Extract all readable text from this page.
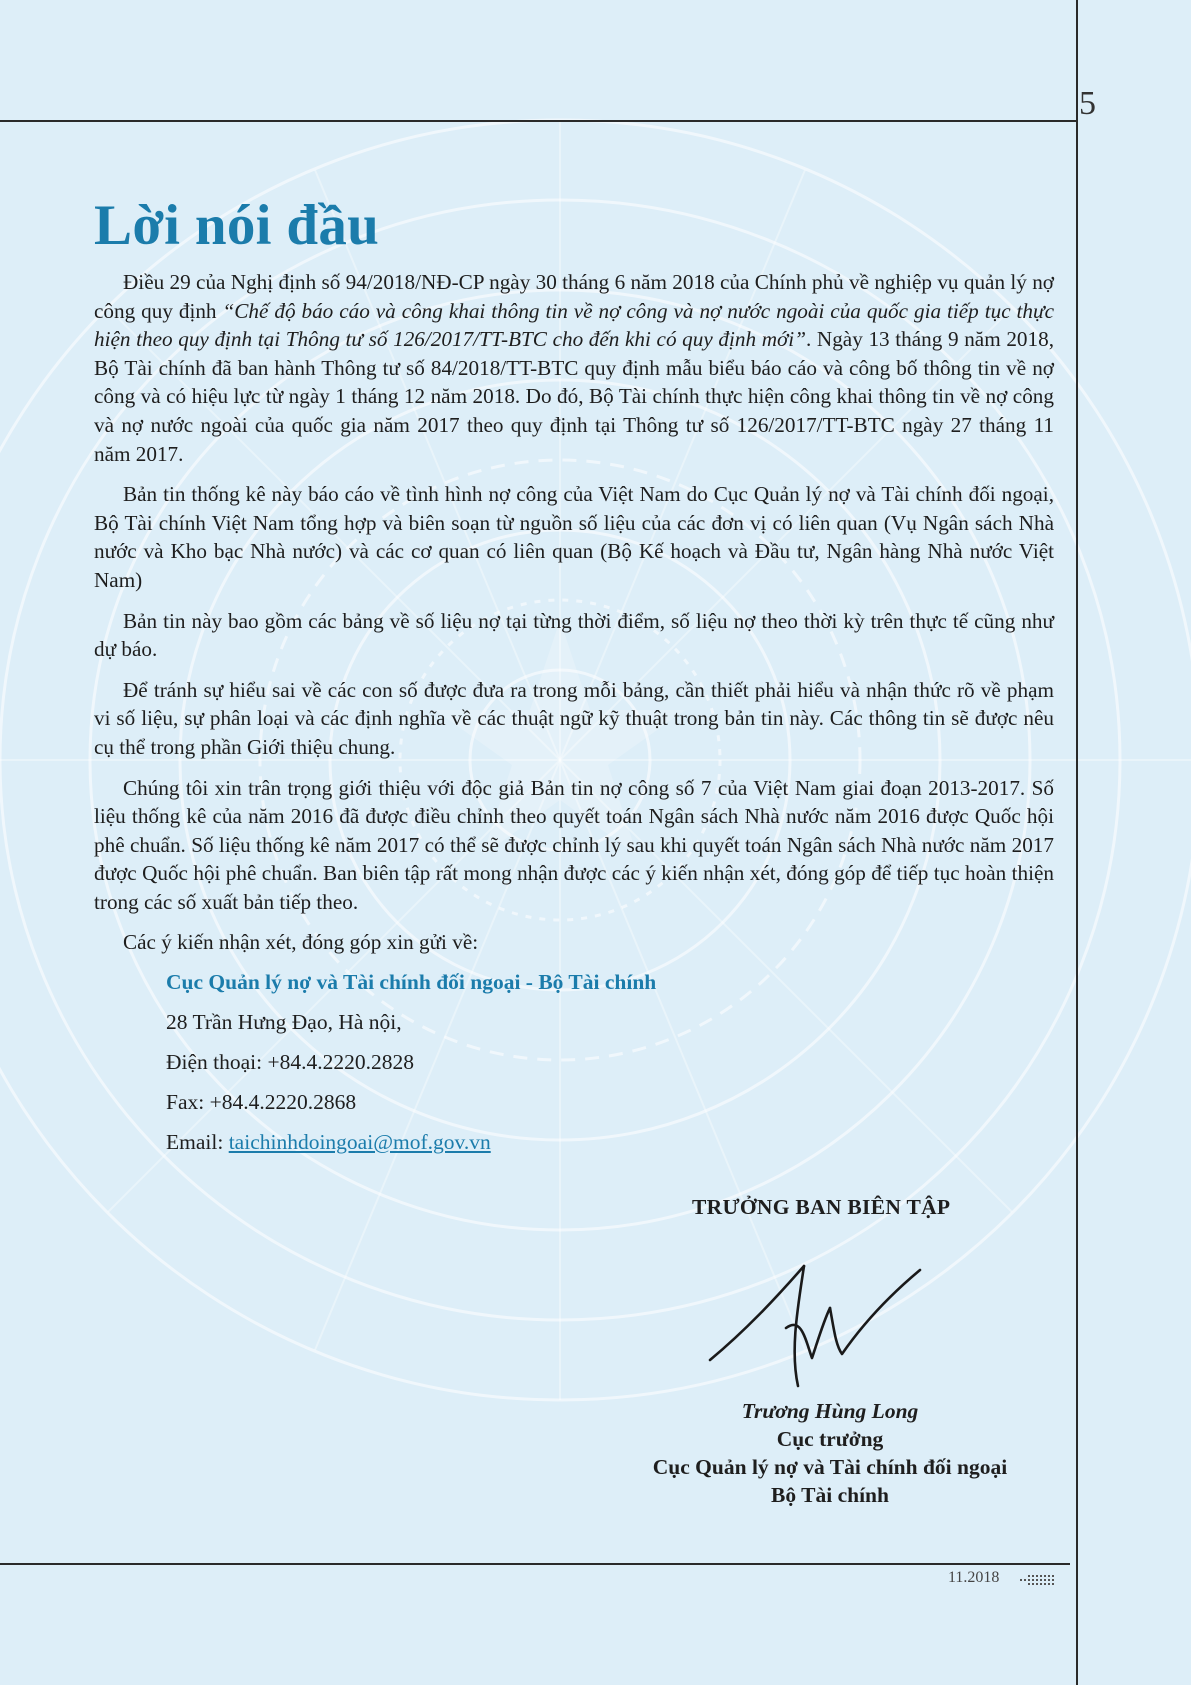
5
Lời nói đầu

Điều 29 của Nghị định số 94/2018/NĐ-CP ngày 30 tháng 6 năm 2018 của Chính phủ về nghiệp vụ quản lý nợ công quy định “Chế độ báo cáo và công khai thông tin về nợ công và nợ nước ngoài của quốc gia tiếp tục thực hiện theo quy định tại Thông tư số 126/2017/TT-BTC cho đến khi có quy định mới”. Ngày 13 tháng 9 năm 2018, Bộ Tài chính đã ban hành Thông tư số 84/2018/TT-BTC quy định mẫu biểu báo cáo và công bố thông tin về nợ công và có hiệu lực từ ngày 1 tháng 12 năm 2018. Do đó, Bộ Tài chính thực hiện công khai thông tin về nợ công và nợ nước ngoài của quốc gia năm 2017 theo quy định tại Thông tư số 126/2017/TT-BTC ngày 27 tháng 11 năm 2017.

Bản tin thống kê này báo cáo về tình hình nợ công của Việt Nam do Cục Quản lý nợ và Tài chính đối ngoại, Bộ Tài chính Việt Nam tổng hợp và biên soạn từ nguồn số liệu của các đơn vị có liên quan (Vụ Ngân sách Nhà nước và Kho bạc Nhà nước) và các cơ quan có liên quan (Bộ Kế hoạch và Đầu tư, Ngân hàng Nhà nước Việt Nam)

Bản tin này bao gồm các bảng về số liệu nợ tại từng thời điểm, số liệu nợ theo thời kỳ trên thực tế cũng như dự báo.

Để tránh sự hiểu sai về các con số được đưa ra trong mỗi bảng, cần thiết phải hiểu và nhận thức rõ về phạm vi số liệu, sự phân loại và các định nghĩa về các thuật ngữ kỹ thuật trong bản tin này. Các thông tin sẽ được nêu cụ thể trong phần Giới thiệu chung.

Chúng tôi xin trân trọng giới thiệu với độc giả Bản tin nợ công số 7 của Việt Nam giai đoạn 2013-2017. Số liệu thống kê của năm 2016 đã được điều chỉnh theo quyết toán Ngân sách Nhà nước năm 2016 được Quốc hội phê chuẩn. Số liệu thống kê năm 2017 có thể sẽ được chỉnh lý sau khi quyết toán Ngân sách Nhà nước năm 2017 được Quốc hội phê chuẩn. Ban biên tập rất mong nhận được các ý kiến nhận xét, đóng góp để tiếp tục hoàn thiện trong các số xuất bản tiếp theo.

Các ý kiến nhận xét, đóng góp xin gửi về:

Cục Quản lý nợ và Tài chính đối ngoại - Bộ Tài chính
28 Trần Hưng Đạo, Hà nội,
Điện thoại: +84.4.2220.2828
Fax: +84.4.2220.2868
Email: taichinhdoingoai@mof.gov.vn
TRƯỞNG BAN BIÊN TẬP
Trương Hùng Long
Cục trưởng
Cục Quản lý nợ và Tài chính đối ngoại
Bộ Tài chính
11.2018
